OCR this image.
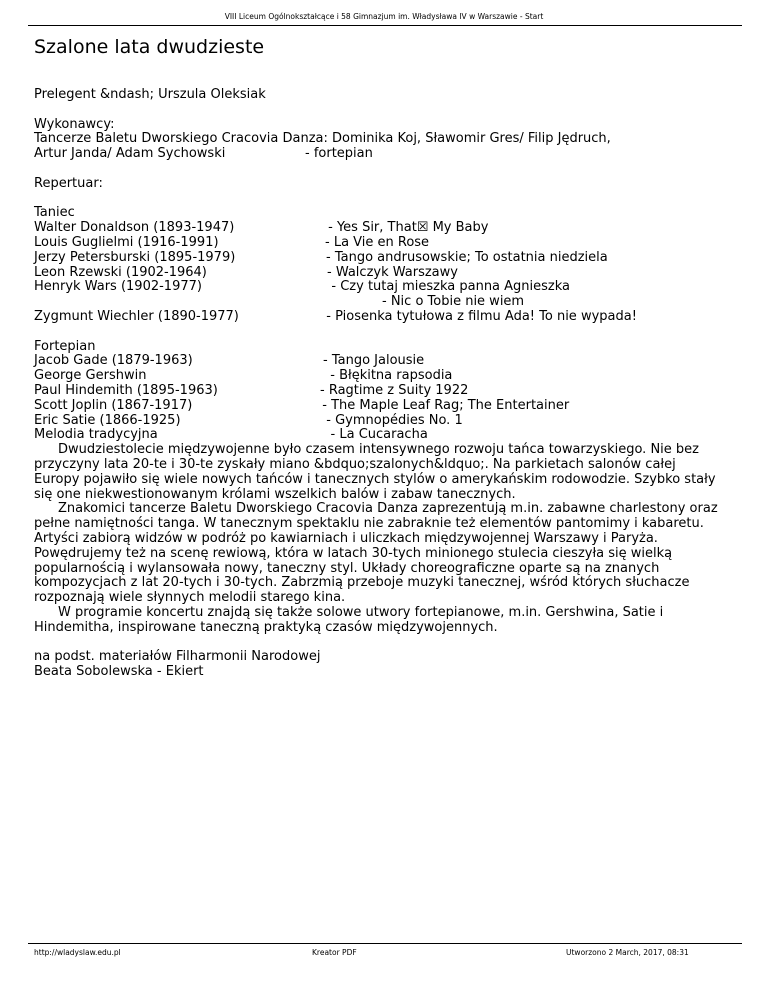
VIII Liceum Ogólnokształcące i 58 Gimnazjum im. Władysława IV w Warszawie - Start
Szalone lata dwudzieste
Prelegent &ndash; Urszula Oleksiak
Wykonawcy:
Tancerze Baletu Dworskiego Cracovia Danza: Dominika Koj, Sławomir Gres/ Filip Jędruch,
Artur Janda/ Adam Sychowski	- fortepian
Repertuar:
Taniec
Walter Donaldson (1893-1947)	- Yes Sir, That☒ My Baby
Louis Guglielmi (1916-1991)	- La Vie en Rose
Jerzy Petersburski (1895-1979)	- Tango andrusowskie; To ostatnia niedziela
Leon Rzewski (1902-1964)	- Walczyk Warszawy
Henryk Wars (1902-1977)	- Czy tutaj mieszka panna Agnieszka
- Nic o Tobie nie wiem
Zygmunt Wiechler (1890-1977)	- Piosenka tytułowa z filmu Ada! To nie wypada!
Fortepian
Jacob Gade (1879-1963)	- Tango Jalousie
George Gershwin	- Błękitna rapsodia
Paul Hindemith (1895-1963)	- Ragtime z Suity 1922
Scott Joplin (1867-1917)	- The Maple Leaf Rag; The Entertainer
Eric Satie (1866-1925)	- Gymnopédies No. 1
Melodia tradycyjna	- La Cucaracha

Dwudziestolecie międzywojenne było czasem intensywnego rozwoju tańca towarzyskiego. Nie bez przyczyny lata 20-te i 30-te zyskały miano &bdquo;szalonych&ldquo;. Na parkietach salonów całej Europy pojawiło się wiele nowych tańców i tanecznych stylów o amerykańskim rodowodzie. Szybko stały się one niekwestionowanym królami wszelkich balów i zabaw tanecznych.

Znakomici tancerze Baletu Dworskiego Cracovia Danza zaprezentują m.in. zabawne charlestony oraz pełne namiętności tanga. W tanecznym spektaklu nie zabraknie też elementów pantomimy i kabaretu. Artyści zabiorą widzów w podróż po kawiarniach i uliczkach międzywojennej Warszawy i Paryża. Powędrujemy też na scenę rewiową, która w latach 30-tych minionego stulecia cieszyła się wielką popularnością i wylansowała nowy, taneczny styl. Układy choreograficzne oparte są na znanych kompozycjach z lat 20-tych i 30-tych. Zabrzmią przeboje muzyki tanecznej, wśród których słuchacze rozpoznają wiele słynnych melodii starego kina.

W programie koncertu znajdą się także solowe utwory fortepianowe, m.in. Gershwina, Satie i Hindemitha, inspirowane taneczną praktyką czasów międzywojennych.

na podst. materiałów Filharmonii Narodowej
Beata Sobolewska - Ekiert
http://wladyslaw.edu.pl	Kreator PDF	Utworzono 2 March, 2017, 08:31
